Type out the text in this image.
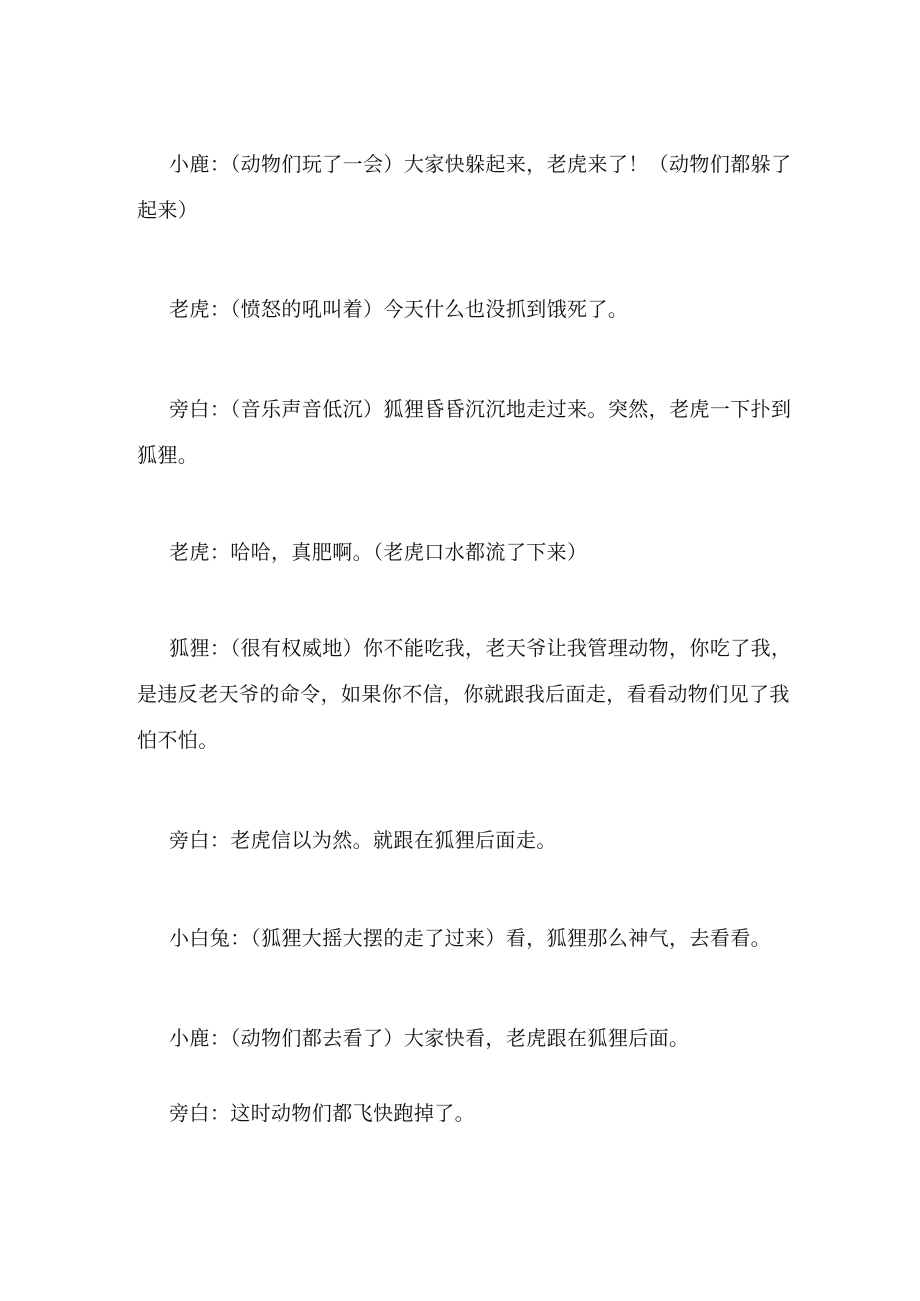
小鹿：（动物们玩了一会）大家快躲起来，老虎来了！（动物们都躲了起来）

老虎：（愤怒的吼叫着）今天什么也没抓到饿死了。

旁白：（音乐声音低沉）狐狸昏昏沉沉地走过来。突然，老虎一下扑到狐狸。

老虎：哈哈，真肥啊。（老虎口水都流了下来）

狐狸：（很有权威地）你不能吃我，老天爷让我管理动物，你吃了我，是违反老天爷的命令，如果你不信，你就跟我后面走，看看动物们见了我怕不怕。

旁白：老虎信以为然。就跟在狐狸后面走。

小白兔：（狐狸大摇大摆的走了过来）看，狐狸那么神气，去看看。

小鹿：（动物们都去看了）大家快看，老虎跟在狐狸后面。

旁白：这时动物们都飞快跑掉了。
